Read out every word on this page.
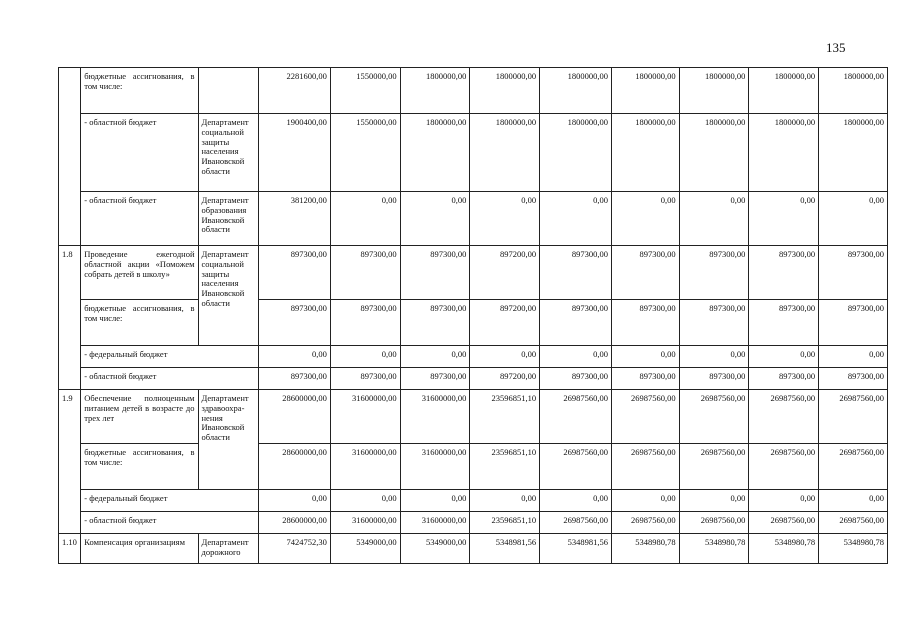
135
	бюджетные ассигнования, в том числе:		2281600,00	1550000,00	1800000,00	1800000,00	1800000,00	1800000,00	1800000,00	1800000,00	1800000,00
	- областной бюджет	Департамент социальной защиты населения Ивановской области	1900400,00	1550000,00	1800000,00	1800000,00	1800000,00	1800000,00	1800000,00	1800000,00	1800000,00
	- областной бюджет	Департамент образования Ивановской области	381200,00	0,00	0,00	0,00	0,00	0,00	0,00	0,00	0,00
1.8	Проведение ежегодной областной акции «Поможем собрать детей в школу»	Департамент социальной защиты населения Ивановской области	897300,00	897300,00	897300,00	897200,00	897300,00	897300,00	897300,00	897300,00	897300,00
	бюджетные ассигнования, в том числе:		897300,00	897300,00	897300,00	897200,00	897300,00	897300,00	897300,00	897300,00	897300,00
	- федеральный бюджет		0,00	0,00	0,00	0,00	0,00	0,00	0,00	0,00	0,00
	- областной бюджет		897300,00	897300,00	897300,00	897200,00	897300,00	897300,00	897300,00	897300,00	897300,00
1.9	Обеспечение полноценным питанием детей в возрасте до трех лет	Департамент здравоохра-нения Ивановской области	28600000,00	31600000,00	31600000,00	23596851,10	26987560,00	26987560,00	26987560,00	26987560,00	26987560,00
	бюджетные ассигнования, в том числе:		28600000,00	31600000,00	31600000,00	23596851,10	26987560,00	26987560,00	26987560,00	26987560,00	26987560,00
	- федеральный бюджет		0,00	0,00	0,00	0,00	0,00	0,00	0,00	0,00	0,00
	- областной бюджет		28600000,00	31600000,00	31600000,00	23596851,10	26987560,00	26987560,00	26987560,00	26987560,00	26987560,00
1.10	Компенсация организациям	Департамент дорожного	7424752,30	5349000,00	5349000,00	5348981,56	5348981,56	5348980,78	5348980,78	5348980,78	5348980,78
